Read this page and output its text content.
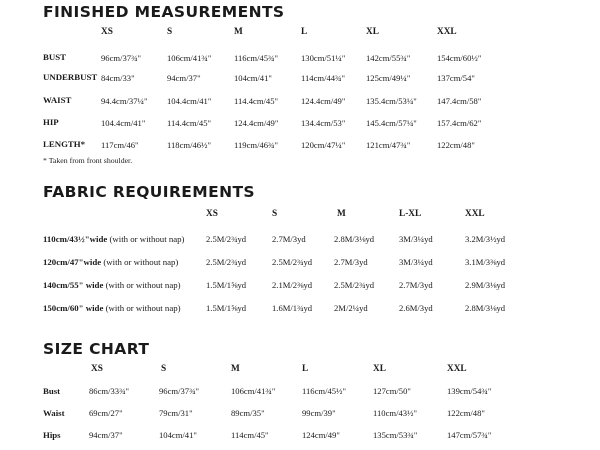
FINISHED MEASUREMENTS
XS	S	M	L	XL	XXL
BUST	96cm/37¾"	106cm/41¾"	116cm/45¾"	130cm/51¼" 142cm/55¾"	154cm/60½"
UNDERBUST 84cm/33"	94cm/37"	104cm/41"	114cm/44¾" 125cm/49¼"	137cm/54"
WAIST	94.4cm/37¼" 104.4cm/41"	114.4cm/45"	124.4cm/49" 135.4cm/53¼" 147.4cm/58"
HIP	104.4cm/41"	114.4cm/45"	124.4cm/49"	134.4cm/53" 145.4cm/57¼" 157.4cm/62"
LENGTH* 117cm/46"	118cm/46½"	119cm/46¾"	120cm/47¼" 121cm/47¾"	122cm/48"
* Taken from front shoulder.
FABRIC REQUIREMENTS
XS	S	M	L-XL	XXL
110cm/43½"wide (with or without nap)	2.5M/2¾yd	2.7M/3yd	2.8M/3⅛yd	3M/3¼yd	3.2M/3½yd
120cm/47"wide (with or without nap)	2.5M/2¾yd	2.5M/2¾yd	2.7M/3yd	3M/3¼yd	3.1M/3⅜yd
140cm/55" wide (with or without nap)	1.5M/1⅝yd	2.1M/2⅜yd	2.5M/2¾yd	2.7M/3yd	2.9M/3⅛yd
150cm/60" wide (with or without nap)	1.5M/1⅝yd	1.6M/1¾yd	2M/2¼yd	2.6M/3yd	2.8M/3⅛yd
SIZE CHART
XS	S	M	L	XL	XXL
Bust	86cm/33¾"	96cm/37¾"	106cm/41¾"	116cm/45½"	127cm/50"	139cm/54¾"
Waist	69cm/27"	79cm/31"	89cm/35"	99cm/39"	110cm/43½"	122cm/48"
Hips	94cm/37"	104cm/41"	114cm/45"	124cm/49"	135cm/53¾"	147cm/57¾"
